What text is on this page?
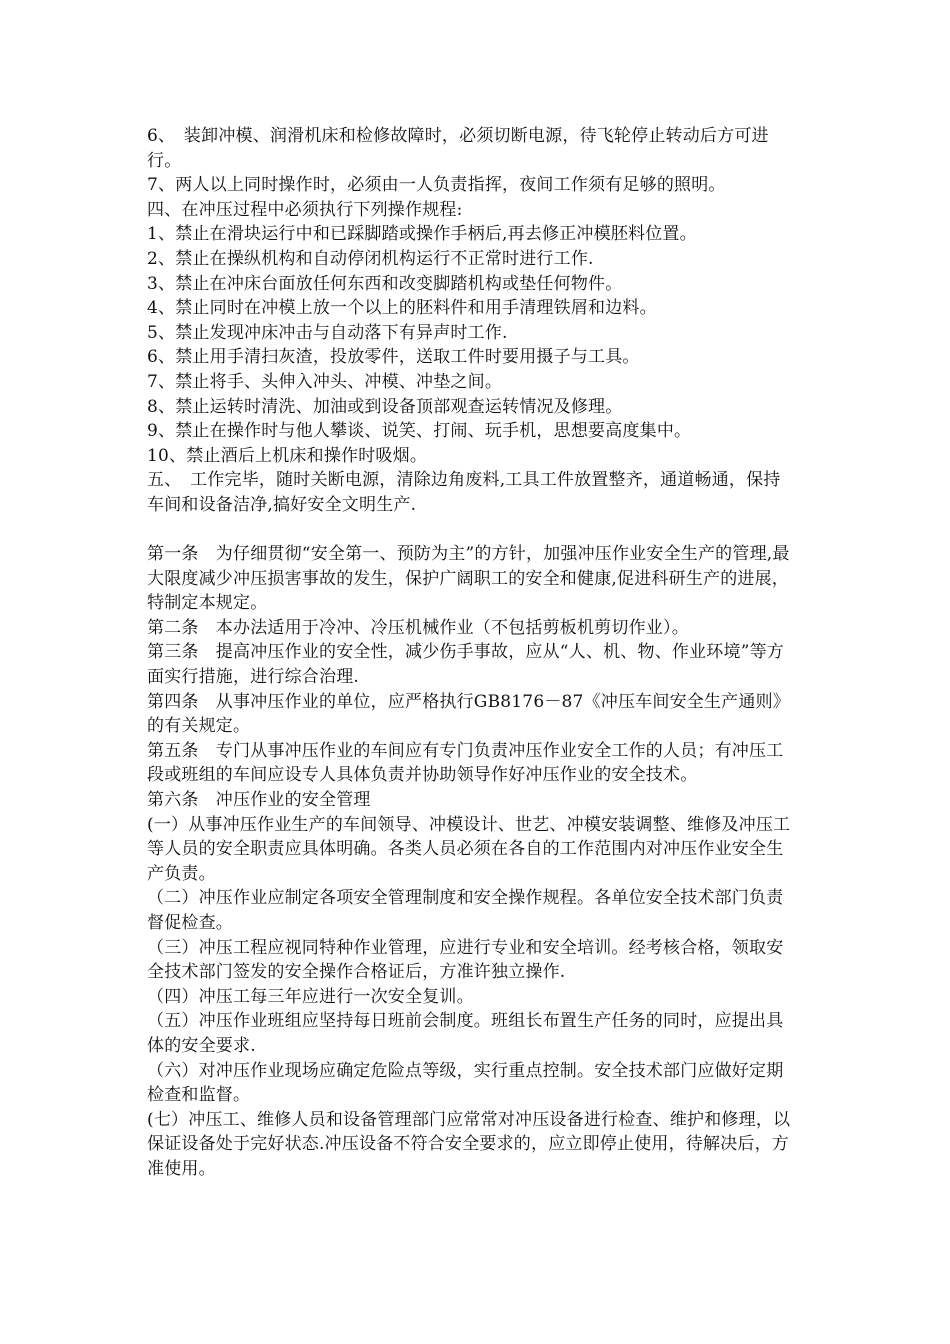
6、　装卸冲模、润滑机床和检修故障时，必须切断电源，待飞轮停止转动后方可进行。

7、两人以上同时操作时，必须由一人负责指挥，夜间工作须有足够的照明。

四、在冲压过程中必须执行下列操作规程:

1、禁止在滑块运行中和已踩脚踏或操作手柄后,再去修正冲模胚料位置。

2、禁止在操纵机构和自动停闭机构运行不正常时进行工作.

3、禁止在冲床台面放任何东西和改变脚踏机构或垫任何物件。

4、禁止同时在冲模上放一个以上的胚料件和用手清理铁屑和边料。

5、禁止发现冲床冲击与自动落下有异声时工作.

6、禁止用手清扫灰渣，投放零件，送取工件时要用摄子与工具。

7、禁止将手、头伸入冲头、冲模、冲垫之间。

8、禁止运转时清洗、加油或到设备顶部观查运转情况及修理。

9、禁止在操作时与他人攀谈、说笑、打闹、玩手机，思想要高度集中。

10、禁止酒后上机床和操作时吸烟。

五、　工作完毕，随时关断电源，清除边角废料,工具工件放置整齐，通道畅通，保持车间和设备洁净,搞好安全文明生产.

第一条　为仔细贯彻“安全第一、预防为主”的方针，加强冲压作业安全生产的管理,最大限度减少冲压损害事故的发生，保护广阔职工的安全和健康,促进科研生产的进展，特制定本规定。

第二条　本办法适用于冷冲、冷压机械作业（不包括剪板机剪切作业）。

第三条　提高冲压作业的安全性，减少伤手事故，应从“人、机、物、作业环境”等方面实行措施，进行综合治理.

第四条　从事冲压作业的单位，应严格执行GB8176－87《冲压车间安全生产通则》的有关规定。

第五条　专门从事冲压作业的车间应有专门负责冲压作业安全工作的人员；有冲压工段或班组的车间应设专人具体负责并协助领导作好冲压作业的安全技术。

第六条　冲压作业的安全管理

(一）从事冲压作业生产的车间领导、冲模设计、世艺、冲模安装调整、维修及冲压工等人员的安全职责应具体明确。各类人员必须在各自的工作范围内对冲压作业安全生产负责。

（二）冲压作业应制定各项安全管理制度和安全操作规程。各单位安全技术部门负责督促检查。

（三）冲压工程应视同特种作业管理，应进行专业和安全培训。经考核合格，领取安全技术部门签发的安全操作合格证后，方准许独立操作.

（四）冲压工每三年应进行一次安全复训。

（五）冲压作业班组应坚持每日班前会制度。班组长布置生产任务的同时，应提出具体的安全要求.

（六）对冲压作业现场应确定危险点等级，实行重点控制。安全技术部门应做好定期检查和监督。

(七）冲压工、维修人员和设备管理部门应常常对冲压设备进行检查、维护和修理，以保证设备处于完好状态.冲压设备不符合安全要求的，应立即停止使用，待解决后，方准使用。
